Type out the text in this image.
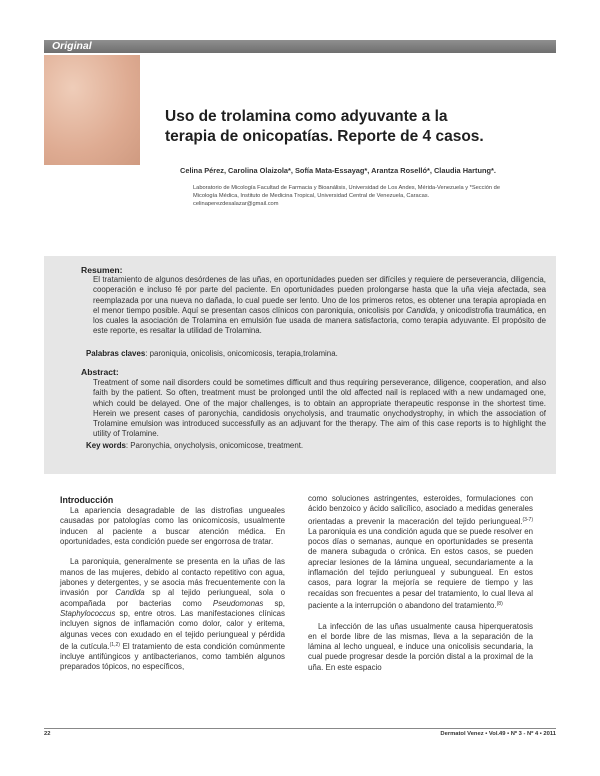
Original
Uso de trolamina como adyuvante a la
terapia de onicopatías. Reporte de 4 casos.
Celina Pérez, Carolina Olaizola*, Sofía Mata-Essayag*, Arantza Roselló*, Claudia Hartung*.
Laboratorio de Micología Facultad de Farmacia y Bioanálisis, Universidad de Los Andes, Mérida-Venezuela y *Sección de
Micología Médica, Instituto de Medicina Tropical, Universidad Central de Venezuela, Caracas.
celinaperezdesalazar@gmail.com
Resumen:
El tratamiento de algunos desórdenes de las uñas, en oportunidades pueden ser difíciles y requiere de perseverancia, diligencia, cooperación e incluso fé por parte del paciente. En oportunidades pueden prolongarse hasta que la uña vieja afectada, sea reemplazada por una nueva no dañada, lo cual puede ser lento. Uno de los primeros retos, es obtener una terapia apropiada en el menor tiempo posible. Aquí se presentan casos clínicos con paroniquia, onicolisis por Candida, y onicodistrofia traumática, en los cuales la asociación de Trolamina en emulsión fue usada de manera satisfactoria, como terapia adyuvante. El propósito de este reporte, es resaltar la utilidad de Trolamina.
Palabras claves: paroniquia, onicolisis, onicomicosis, terapia,trolamina.
Abstract:
Treatment of some nail disorders could be sometimes difficult and thus requiring perseverance, diligence, cooperation, and also faith by the patient. So often, treatment must be prolonged until the old affected nail is replaced with a new undamaged one, which could be delayed. One of the major challenges, is to obtain an appropriate therapeutic response in the shortest time. Herein we present cases of paronychia, candidosis onycholysis, and traumatic onychodystrophy, in which the association of Trolamine emulsion was introduced successfully as an adjuvant for the therapy. The aim of this case reports is to highlight the utility of Trolamine.
Key words: Paronychia, onycholysis, onicomicose, treatment.
Introducción

La apariencia desagradable de las distrofias ungueales causadas por patologías como las onicomicosis, usualmente inducen al paciente a buscar atención médica. En oportunidades, esta condición puede ser engorrosa de tratar.

La paroniquia, generalmente se presenta en la uñas de las manos de las mujeres, debido al contacto repetitivo con agua, jabones y detergentes, y se asocia más frecuentemente con la invasión por Candida sp al tejido periungueal, sola o acompañada por bacterias como Pseudomonas sp, Staphylococcus sp, entre otros. Las manifestaciones clínicas incluyen signos de inflamación como dolor, calor y eritema, algunas veces con exudado en el tejido periungueal y pérdida de la cutícula.$^{(1,2)}$ El tratamiento de esta condición comúnmente incluye antifúngicos y antibacterianos, como también algunos preparados tópicos, no específicos,

como soluciones astringentes, esteroides, formulaciones con ácido benzoico y ácido salicílico, asociado a medidas generales orientadas a prevenir la maceración del tejido periungueal.$^{(3-7)}$ La paroniquia es una condición aguda que se puede resolver en pocos días o semanas, aunque en oportunidades se presenta de manera subaguda o crónica. En estos casos, se pueden apreciar lesiones de la lámina ungueal, secundariamente a la inflamación del tejido periungueal y subungueal. En estos casos, para lograr la mejoría se requiere de tiempo y las recaídas son frecuentes a pesar del tratamiento, lo cual lleva al paciente a la interrupción o abandono del tratamiento.$^{(8)}$

La infección de las uñas usualmente causa hiperqueratosis en el borde libre de las mismas, lleva a la separación de la lámina al lecho ungueal, e induce una onicolisis secundaria, la cual puede progresar desde la porción distal a la proximal de la uña. En este espacio

22	Dermatol Venez • Vol.49 • Nº 3 - Nº 4 • 2011
